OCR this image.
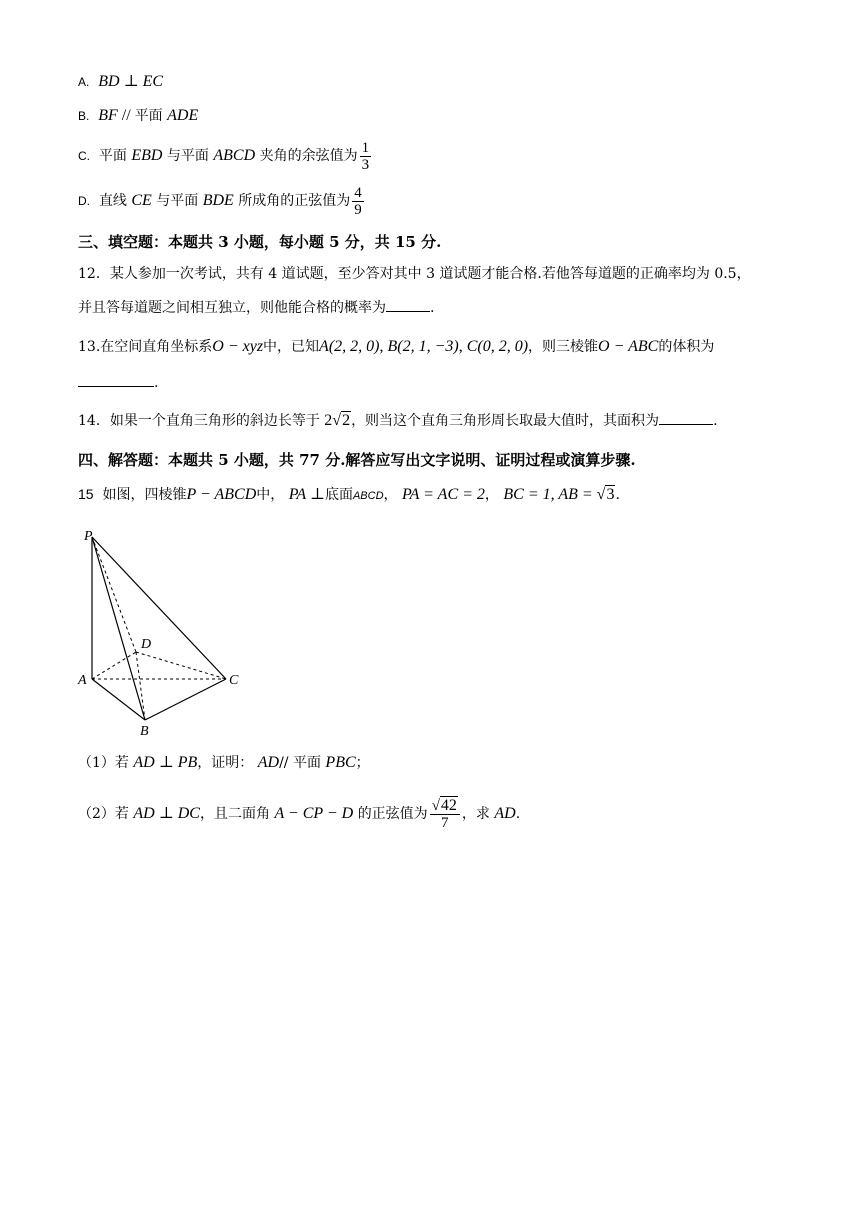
A. BD ⊥ EC
B. BF // 平面 ADE
C. 平面 EBD 与平面 ABCD 夹角的余弦值为 $\frac{1}{3}$
D. 直线 CE 与平面 BDE 所成角的正弦值为 $\frac{4}{9}$
三、填空题：本题共 3 小题，每小题 5 分，共 15 分.
12．某人参加一次考试，共有 4 道试题，至少答对其中 3 道试题才能合格.若他答每道题的正确率均为 0.5，
并且答每道题之间相互独立，则他能合格的概率为	.
13.在空间直角坐标系O − xyz中，已知A(2, 2, 0), B(2, 1, −3), C(0, 2, 0)，则三棱锥O − ABC的体积为
.
14．如果一个直角三角形的斜边长等于 2√2，则当这个直角三角形周长取最大值时，其面积为	.
四、解答题：本题共 5 小题，共 77 分.解答应写出文字说明、证明过程或演算步骤.
15 如图，四棱锥P − ABCD中， PA ⊥底面ABCD， PA = AC = 2， BC = 1, AB = √3.
P
D
A	C
B
（1）若 AD ⊥ PB，证明： AD// 平面 PBC；
（2）若 AD ⊥ DC，且二面角 A − CP − D 的正弦值为 $\frac{√42}{7}$ ，求 AD.
